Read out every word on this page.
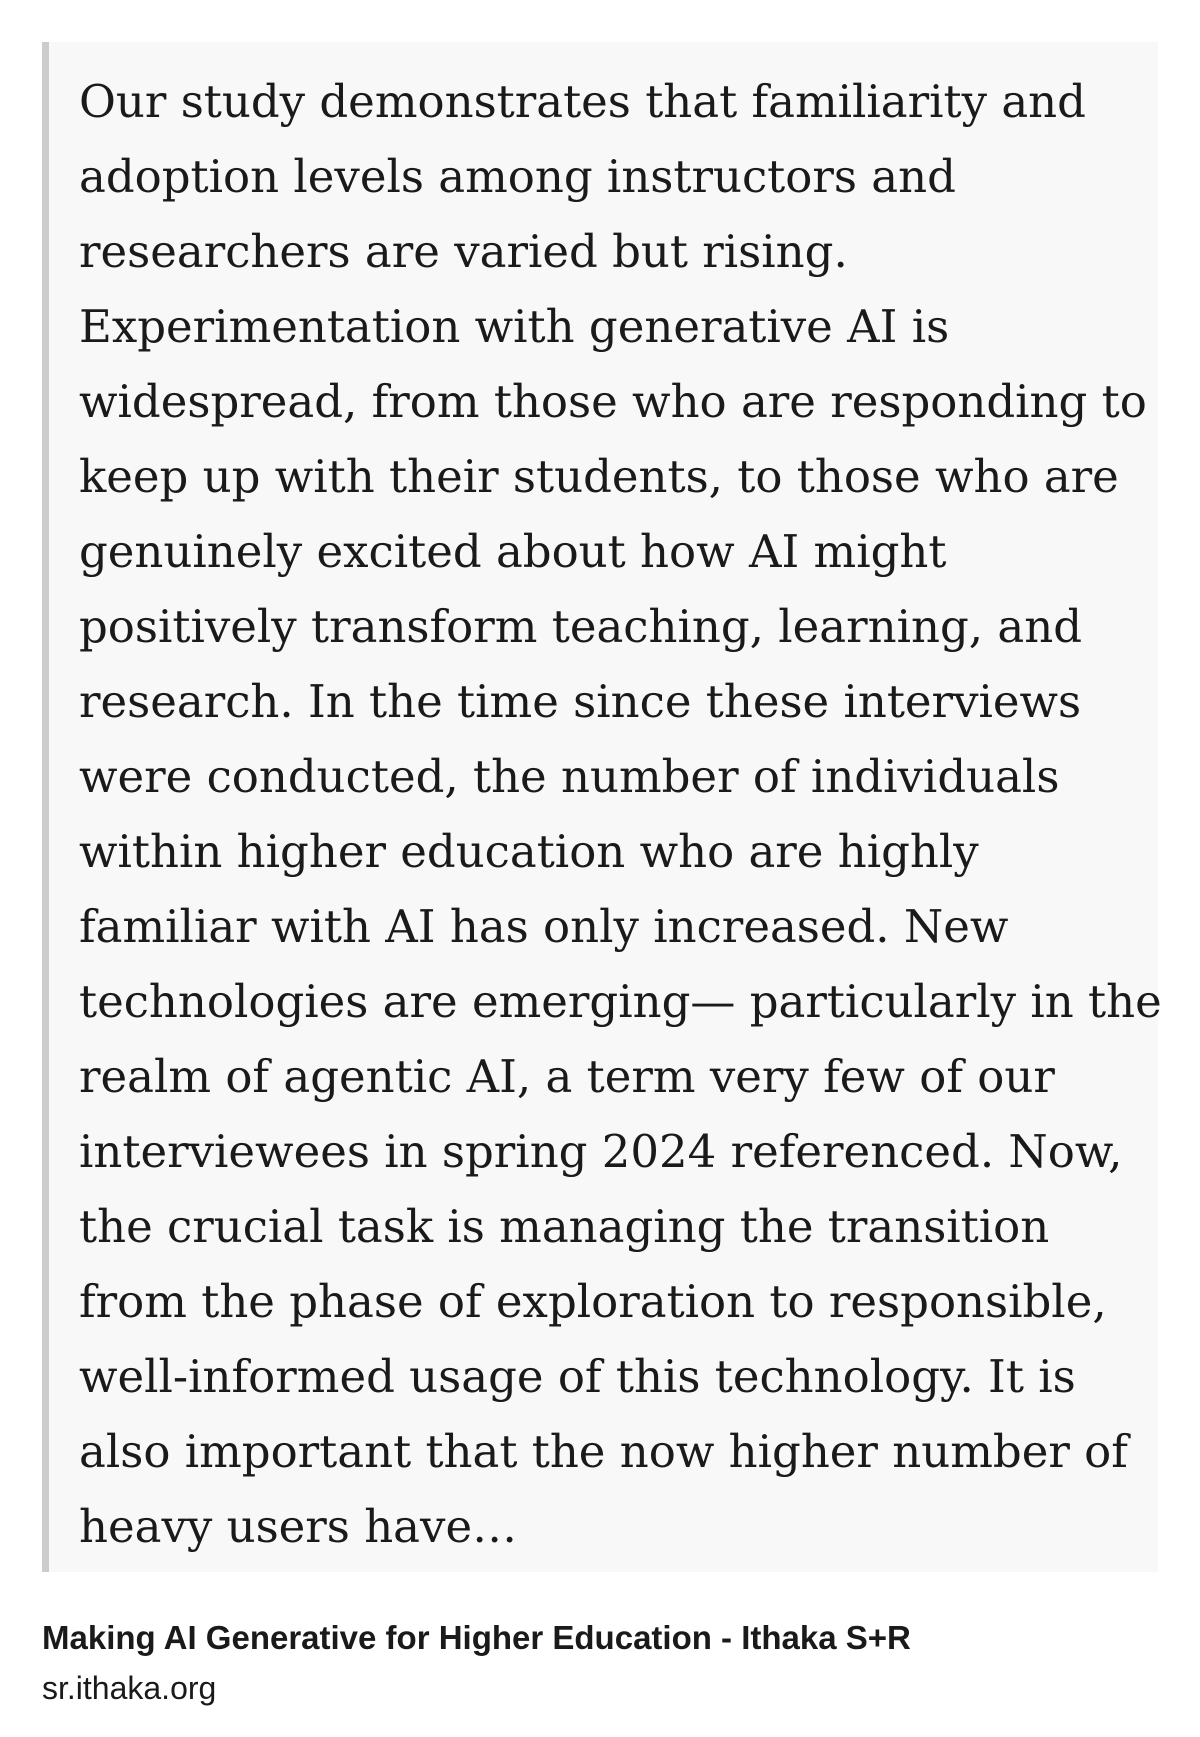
Our study demonstrates that familiarity and
adoption levels among instructors and
researchers are varied but rising.
Experimentation with generative AI is
widespread, from those who are responding to
keep up with their students, to those who are
genuinely excited about how AI might
positively transform teaching, learning, and
research. In the time since these interviews
were conducted, the number of individuals
within higher education who are highly
familiar with AI has only increased. New
technologies are emerging— particularly in the
realm of agentic AI, a term very few of our
interviewees in spring 2024 referenced. Now,
the crucial task is managing the transition
from the phase of exploration to responsible,
well-informed usage of this technology. It is
also important that the now higher number of
heavy users have…

Making AI Generative for Higher Education - Ithaka S+R

sr.ithaka.org
